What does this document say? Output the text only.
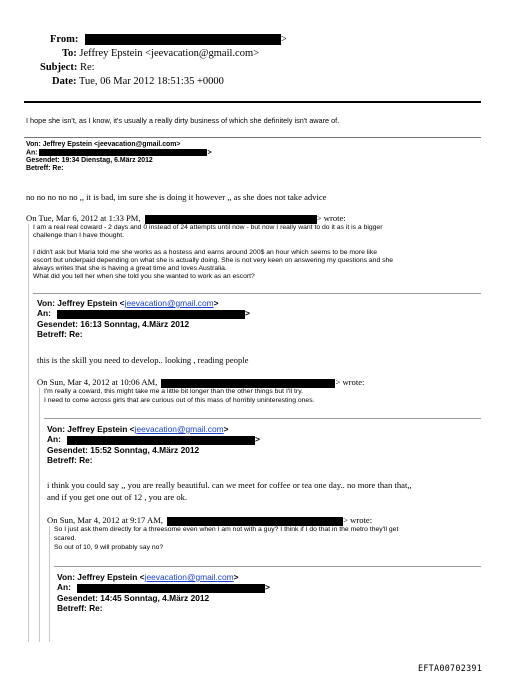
From:	>
To: Jeffrey Epstein <jeevacation@gmail.com>
Subject: Re:
Date: Tue, 06 Mar 2012 18:51:35 +0000
I hope she isn't, as I know, it's usually a really dirty business of which she definitely isn't aware of.
Von: Jeffrey Epstein <jeevacation@gmail.com>
An:	>
Gesendet: 19:34 Dienstag, 6.März 2012
Betreff: Re:
no no no no no ,, it is bad, im sure she is doing it however ,, as she does not take advice
On Tue, Mar 6, 2012 at 1:33 PM,	> wrote:
I am a real real coward - 2 days and 0 instead of 24 attempts until now - but now I really want to do it as it is a bigger
challenge than I have thought.
I didn't ask but Maria told me she works as a hostess and earns around 200$ an hour which seems to be more like
escort but underpaid depending on what she is actually doing. She is not very keen on answering my questions and she
always writes that she is having a great time and loves Australia.
What did you tell her when she told you she wanted to work as an escort?
Von: Jeffrey Epstein <jeevacation@gmail.com>
An:	>
Gesendet: 16:13 Sonntag, 4.März 2012
Betreff: Re:
this is the skill you need to develop.. looking , reading people
On Sun, Mar 4, 2012 at 10:06 AM,	> wrote:
I'm really a coward, this might take me a little bit longer than the other things but I'll try.
I need to come across girls that are curious out of this mass of horribly uninteresting ones.
Von: Jeffrey Epstein <jeevacation@gmail.com>
An:	>
Gesendet: 15:52 Sonntag, 4.März 2012
Betreff: Re:
i think you could say ,, you are really beautiful. can we meet for coffee or tea one day.. no more than that,,
and if you get one out of 12 , you are ok.
On Sun, Mar 4, 2012 at 9:17 AM,	> wrote:
So I just ask them directly for a threesome even when I am not with a guy? I think if I do that in the metro they'll get
scared.
So out of 10, 9 will probably say no?
Von: Jeffrey Epstein <jeevacation@gmail.com>
An:	>
Gesendet: 14:45 Sonntag, 4.März 2012
Betreff: Re:
EFTA00702391
